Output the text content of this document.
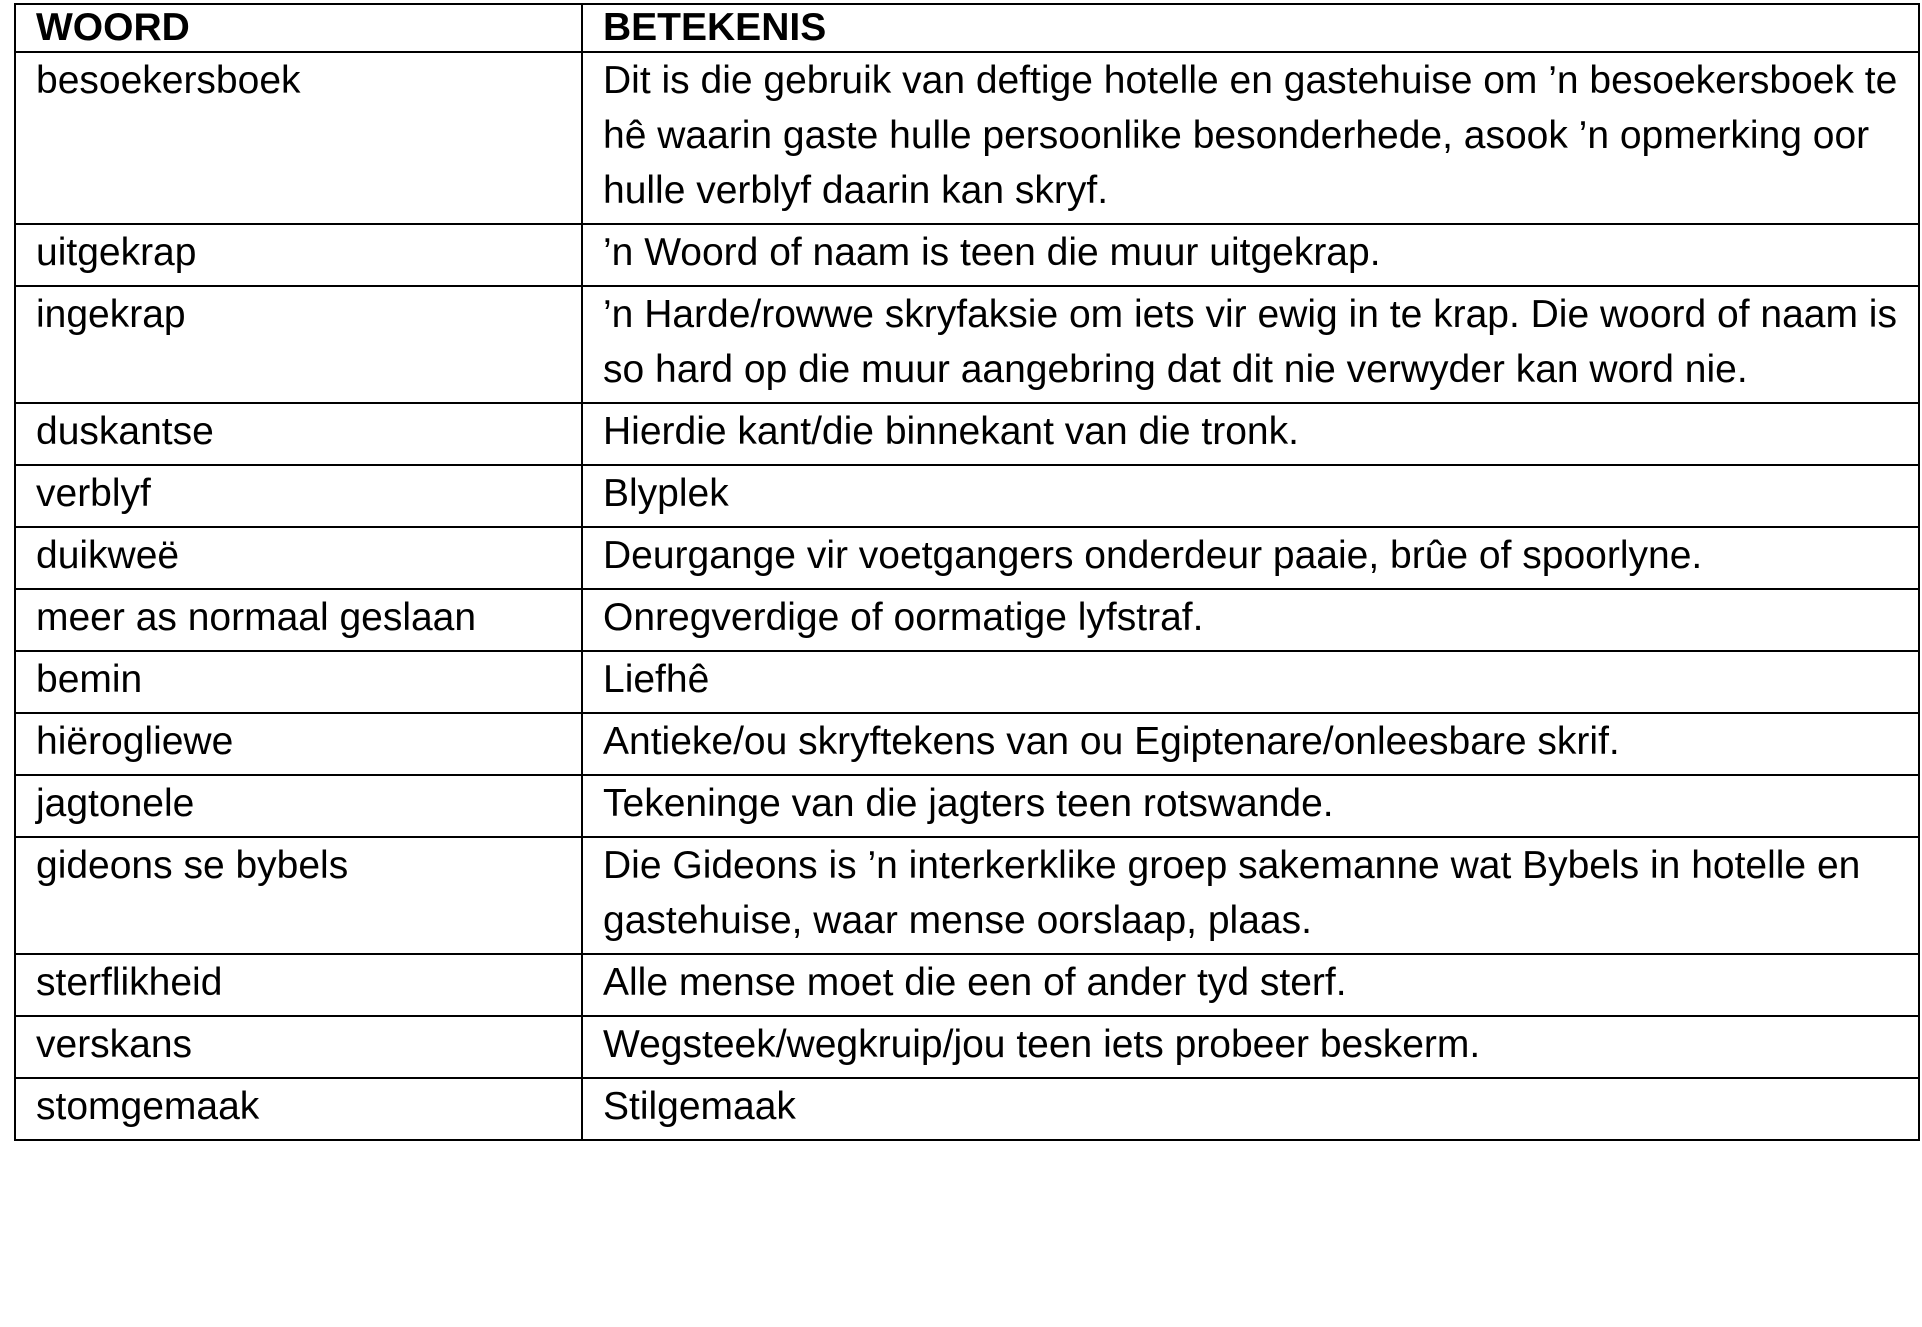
WOORD	BETEKENIS
besoekersboek	Dit is die gebruik van deftige hotelle en gastehuise om ’n besoekersboek te hê waarin gaste hulle persoonlike besonderhede, asook ’n opmerking oor hulle verblyf daarin kan skryf.
uitgekrap	’n Woord of naam is teen die muur uitgekrap.
ingekrap	’n Harde/rowwe skryfaksie om iets vir ewig in te krap. Die woord of naam is so hard op die muur aangebring dat dit nie verwyder kan word nie.
duskantse	Hierdie kant/die binnekant van die tronk.
verblyf	Blyplek
duikweë	Deurgange vir voetgangers onderdeur paaie, brûe of spoorlyne.
meer as normaal geslaan	Onregverdige of oormatige lyfstraf.
bemin	Liefhê
hiërogliewe	Antieke/ou skryftekens van ou Egiptenare/onleesbare skrif.
jagtonele	Tekeninge van die jagters teen rotswande.
gideons se bybels	Die Gideons is ’n interkerklike groep sakemanne wat Bybels in hotelle en gastehuise, waar mense oorslaap, plaas.
sterflikheid	Alle mense moet die een of ander tyd sterf.
verskans	Wegsteek/wegkruip/jou teen iets probeer beskerm.
stomgemaak	Stilgemaak
